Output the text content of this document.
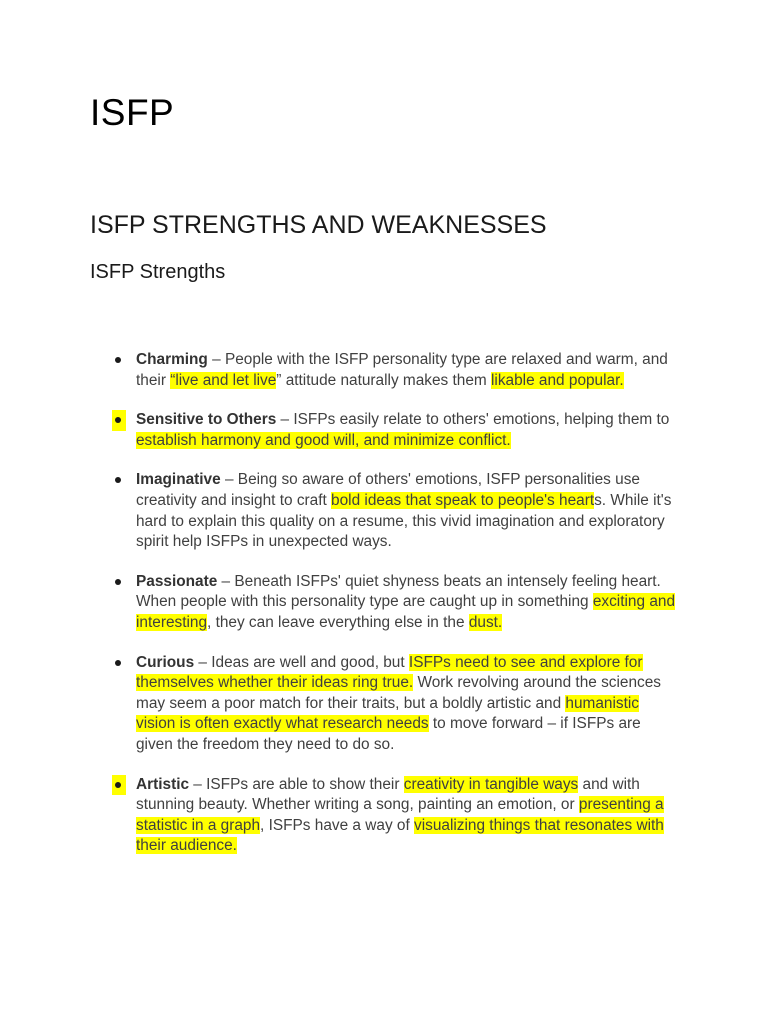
ISFP
ISFP STRENGTHS AND WEAKNESSES
ISFP Strengths
Charming – People with the ISFP personality type are relaxed and warm, and their “live and let live” attitude naturally makes them likable and popular.
Sensitive to Others – ISFPs easily relate to others' emotions, helping them to establish harmony and good will, and minimize conflict.
Imaginative – Being so aware of others' emotions, ISFP personalities use creativity and insight to craft bold ideas that speak to people's hearts. While it's hard to explain this quality on a resume, this vivid imagination and exploratory spirit help ISFPs in unexpected ways.
Passionate – Beneath ISFPs' quiet shyness beats an intensely feeling heart. When people with this personality type are caught up in something exciting and interesting, they can leave everything else in the dust.
Curious – Ideas are well and good, but ISFPs need to see and explore for themselves whether their ideas ring true. Work revolving around the sciences may seem a poor match for their traits, but a boldly artistic and humanistic vision is often exactly what research needs to move forward – if ISFPs are given the freedom they need to do so.
Artistic – ISFPs are able to show their creativity in tangible ways and with stunning beauty. Whether writing a song, painting an emotion, or presenting a statistic in a graph, ISFPs have a way of visualizing things that resonates with their audience.
